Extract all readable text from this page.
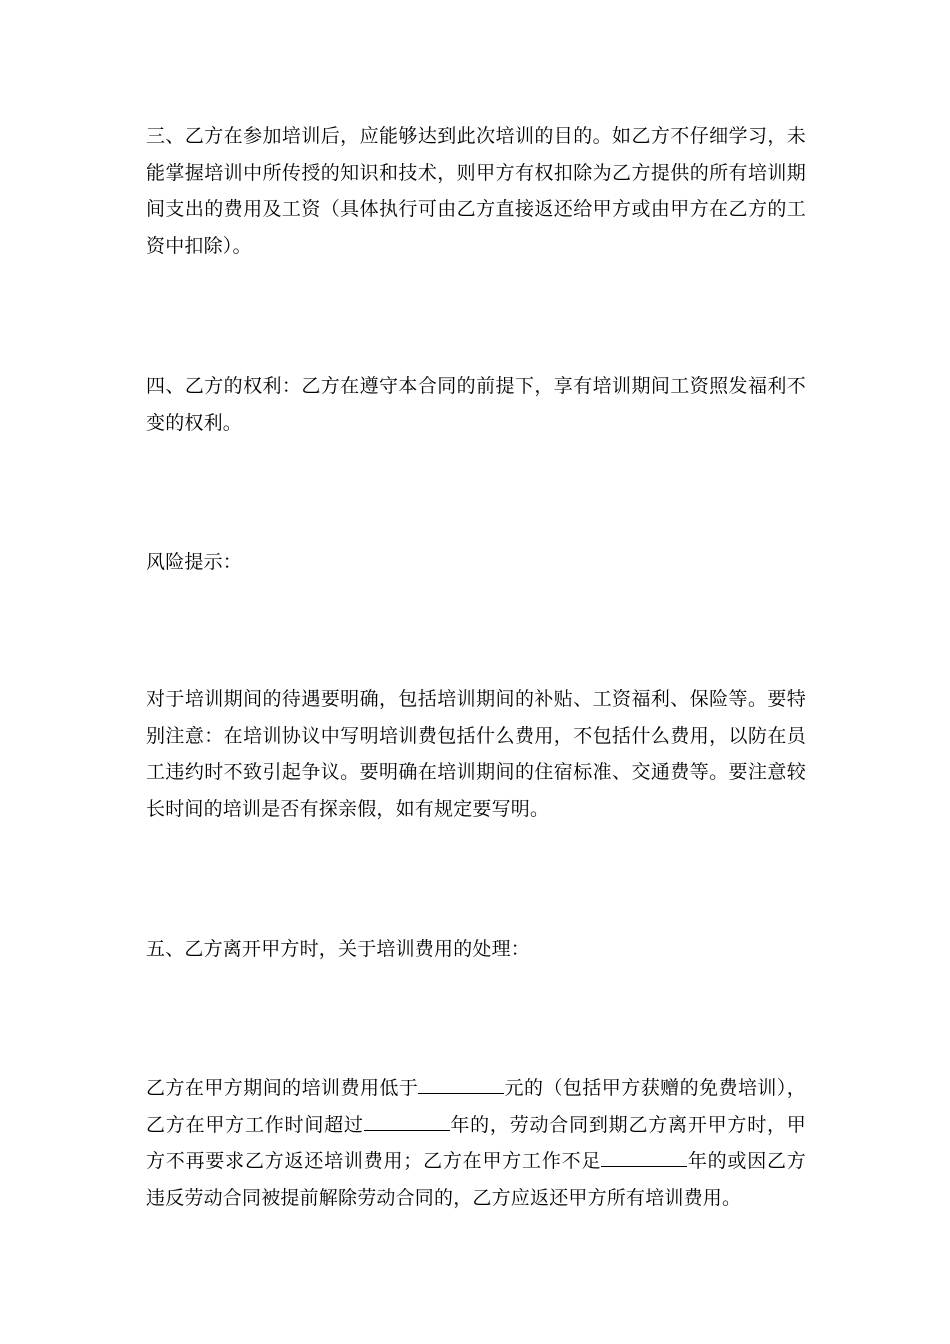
三、乙方在参加培训后，应能够达到此次培训的目的。如乙方不仔细学习，未能掌握培训中所传授的知识和技术，则甲方有权扣除为乙方提供的所有培训期间支出的费用及工资（具体执行可由乙方直接返还给甲方或由甲方在乙方的工资中扣除）。

四、乙方的权利：乙方在遵守本合同的前提下，享有培训期间工资照发福利不变的权利。

风险提示：

对于培训期间的待遇要明确，包括培训期间的补贴、工资福利、保险等。要特别注意：在培训协议中写明培训费包括什么费用，不包括什么费用，以防在员工违约时不致引起争议。要明确在培训期间的住宿标准、交通费等。要注意较长时间的培训是否有探亲假，如有规定要写明。

五、乙方离开甲方时，关于培训费用的处理：

乙方在甲方期间的培训费用低于	元的（包括甲方获赠的免费培训），乙方在甲方工作时间超过	年的，劳动合同到期乙方离开甲方时，甲方不再要求乙方返还培训费用；乙方在甲方工作不足	年的或因乙方违反劳动合同被提前解除劳动合同的，乙方应返还甲方所有培训费用。
